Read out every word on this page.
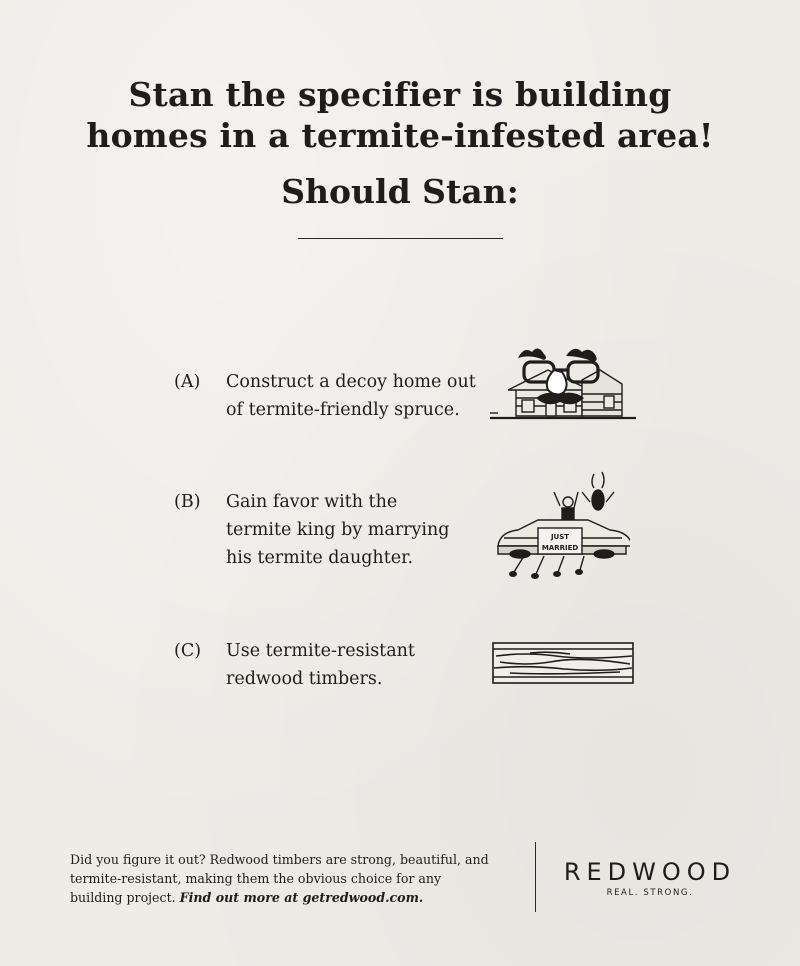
Stan the specifier is building
homes in a termite-infested area!
Should Stan:
(A)	Construct a decoy home out
of termite-friendly spruce.
(B)	Gain favor with the
termite king by marrying
his termite daughter.
(C)	Use termite-resistant
redwood timbers.
JUST
MARRIED
Did you figure it out? Redwood timbers are strong, beautiful, and
termite-resistant, making them the obvious choice for any
building project. Find out more at getredwood.com.
REDWOOD
REAL. STRONG.
